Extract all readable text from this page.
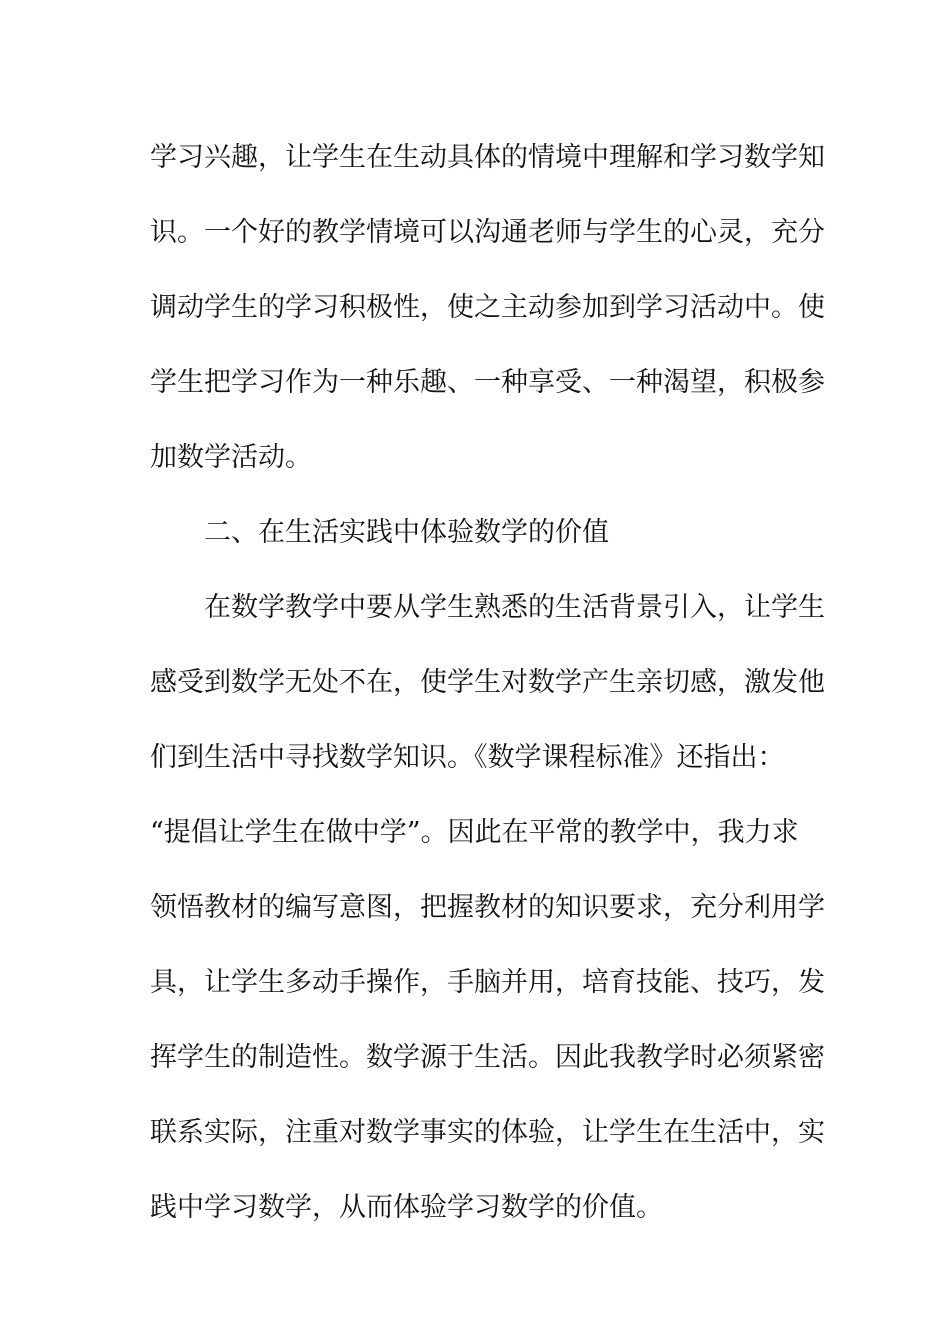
学习兴趣，让学生在生动具体的情境中理解和学习数学知
识。一个好的教学情境可以沟通老师与学生的心灵，充分
调动学生的学习积极性，使之主动参加到学习活动中。使
学生把学习作为一种乐趣、一种享受、一种渴望，积极参
加数学活动。
二、在生活实践中体验数学的价值
在数学教学中要从学生熟悉的生活背景引入，让学生
感受到数学无处不在，使学生对数学产生亲切感，激发他
们到生活中寻找数学知识。《数学课程标准》还指出：
“提倡让学生在做中学”。因此在平常的教学中，我力求
领悟教材的编写意图，把握教材的知识要求，充分利用学
具，让学生多动手操作，手脑并用，培育技能、技巧，发
挥学生的制造性。数学源于生活。因此我教学时必须紧密
联系实际，注重对数学事实的体验，让学生在生活中，实
践中学习数学，从而体验学习数学的价值。
